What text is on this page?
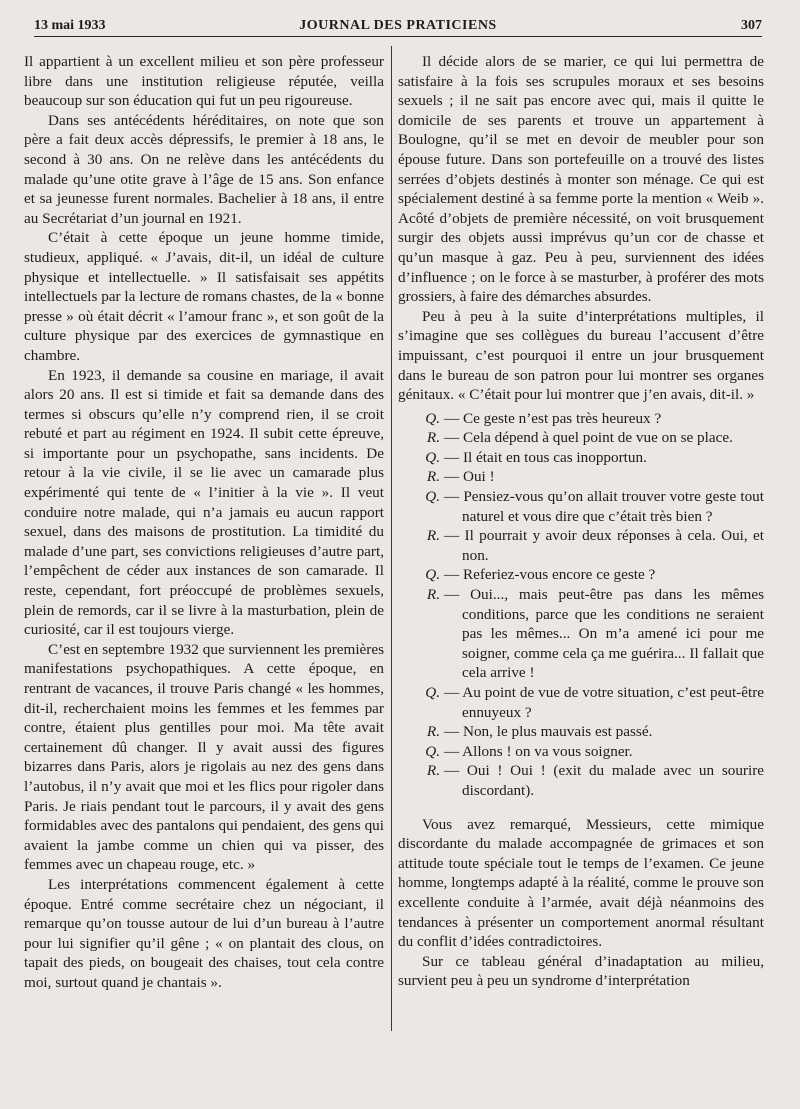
13 mai 1933	JOURNAL DES PRATICIENS	307

Il appartient à un excellent milieu et son père professeur libre dans une institution religieuse réputée, veilla beaucoup sur son éducation qui fut un peu rigoureuse.

Dans ses antécédents héréditaires, on note que son père a fait deux accès dépressifs, le premier à 18 ans, le second à 30 ans. On ne relève dans les antécédents du malade qu’une otite grave à l’âge de 15 ans. Son enfance et sa jeunesse furent normales. Bachelier à 18 ans, il entre au Secrétariat d’un journal en 1921.

C’était à cette époque un jeune homme timide, studieux, appliqué. « J’avais, dit-il, un idéal de culture physique et intellectuelle. » Il satisfaisait ses appétits intellectuels par la lecture de romans chastes, de la « bonne presse » où était décrit « l’amour franc », et son goût de la culture physique par des exercices de gymnastique en chambre.

En 1923, il demande sa cousine en mariage, il avait alors 20 ans. Il est si timide et fait sa demande dans des termes si obscurs qu’elle n’y comprend rien, il se croit rebuté et part au régiment en 1924. Il subit cette épreuve, si importante pour un psychopathe, sans incidents. De retour à la vie civile, il se lie avec un camarade plus expérimenté qui tente de « l’initier à la vie ». Il veut conduire notre malade, qui n’a jamais eu aucun rapport sexuel, dans des maisons de prostitution. La timidité du malade d’une part, ses convictions religieuses d’autre part, l’empêchent de céder aux instances de son camarade. Il reste, cependant, fort préoccupé de problèmes sexuels, plein de remords, car il se livre à la masturbation, plein de curiosité, car il est toujours vierge.

C’est en septembre 1932 que surviennent les premières manifestations psychopathiques. A cette époque, en rentrant de vacances, il trouve Paris changé « les hommes, dit-il, recherchaient moins les femmes et les femmes par contre, étaient plus gentilles pour moi. Ma tête avait certainement dû changer. Il y avait aussi des figures bizarres dans Paris, alors je rigolais au nez des gens dans l’autobus, il n’y avait que moi et les flics pour rigoler dans Paris. Je riais pendant tout le parcours, il y avait des gens formidables avec des pantalons qui pendaient, des gens qui avaient la jambe comme un chien qui va pisser, des femmes avec un chapeau rouge, etc. »

Les interprétations commencent également à cette époque. Entré comme secrétaire chez un négociant, il remarque qu’on tousse autour de lui d’un bureau à l’autre pour lui signifier qu’il gêne ; « on plantait des clous, on tapait des pieds, on bougeait des chaises, tout cela contre moi, surtout quand je chantais ».

Il décide alors de se marier, ce qui lui permettra de satisfaire à la fois ses scrupules moraux et ses besoins sexuels ; il ne sait pas encore avec qui, mais il quitte le domicile de ses parents et trouve un appartement à Boulogne, qu’il se met en devoir de meubler pour son épouse future. Dans son portefeuille on a trouvé des listes serrées d’objets destinés à monter son ménage. Ce qui est spécialement destiné à sa femme porte la mention « Weib ». Acôté d’objets de première nécessité, on voit brusquement surgir des objets aussi imprévus qu’un cor de chasse et qu’un masque à gaz. Peu à peu, surviennent des idées d’influence ; on le force à se masturber, à proférer des mots grossiers, à faire des démarches absurdes.

Peu à peu à la suite d’interprétations multiples, il s’imagine que ses collègues du bureau l’accusent d’être impuissant, c’est pourquoi il entre un jour brusquement dans le bureau de son patron pour lui montrer ses organes génitaux. « C’était pour lui montrer que j’en avais, dit-il. »

Q. — Ce geste n’est pas très heureux ?
R. — Cela dépend à quel point de vue on se place.
Q. — Il était en tous cas inopportun.
R. — Oui !
Q. — Pensiez-vous qu’on allait trouver votre geste tout naturel et vous dire que c’était très bien ?
R. — Il pourrait y avoir deux réponses à cela. Oui, et non.
Q. — Referiez-vous encore ce geste ?
R. — Oui..., mais peut-être pas dans les mêmes conditions, parce que les conditions ne seraient pas les mêmes... On m’a amené ici pour me soigner, comme cela ça me guérira... Il fallait que cela arrive !
Q. — Au point de vue de votre situation, c’est peut-être ennuyeux ?
R. — Non, le plus mauvais est passé.
Q. — Allons ! on va vous soigner.
R. — Oui ! Oui ! (exit du malade avec un sourire discordant).

Vous avez remarqué, Messieurs, cette mimique discordante du malade accompagnée de grimaces et son attitude toute spéciale tout le temps de l’examen. Ce jeune homme, longtemps adapté à la réalité, comme le prouve son excellente conduite à l’armée, avait déjà néanmoins des tendances à présenter un comportement anormal résultant du conflit d’idées contradictoires.

Sur ce tableau général d’inadaptation au milieu, survient peu à peu un syndrome d’interprétation
